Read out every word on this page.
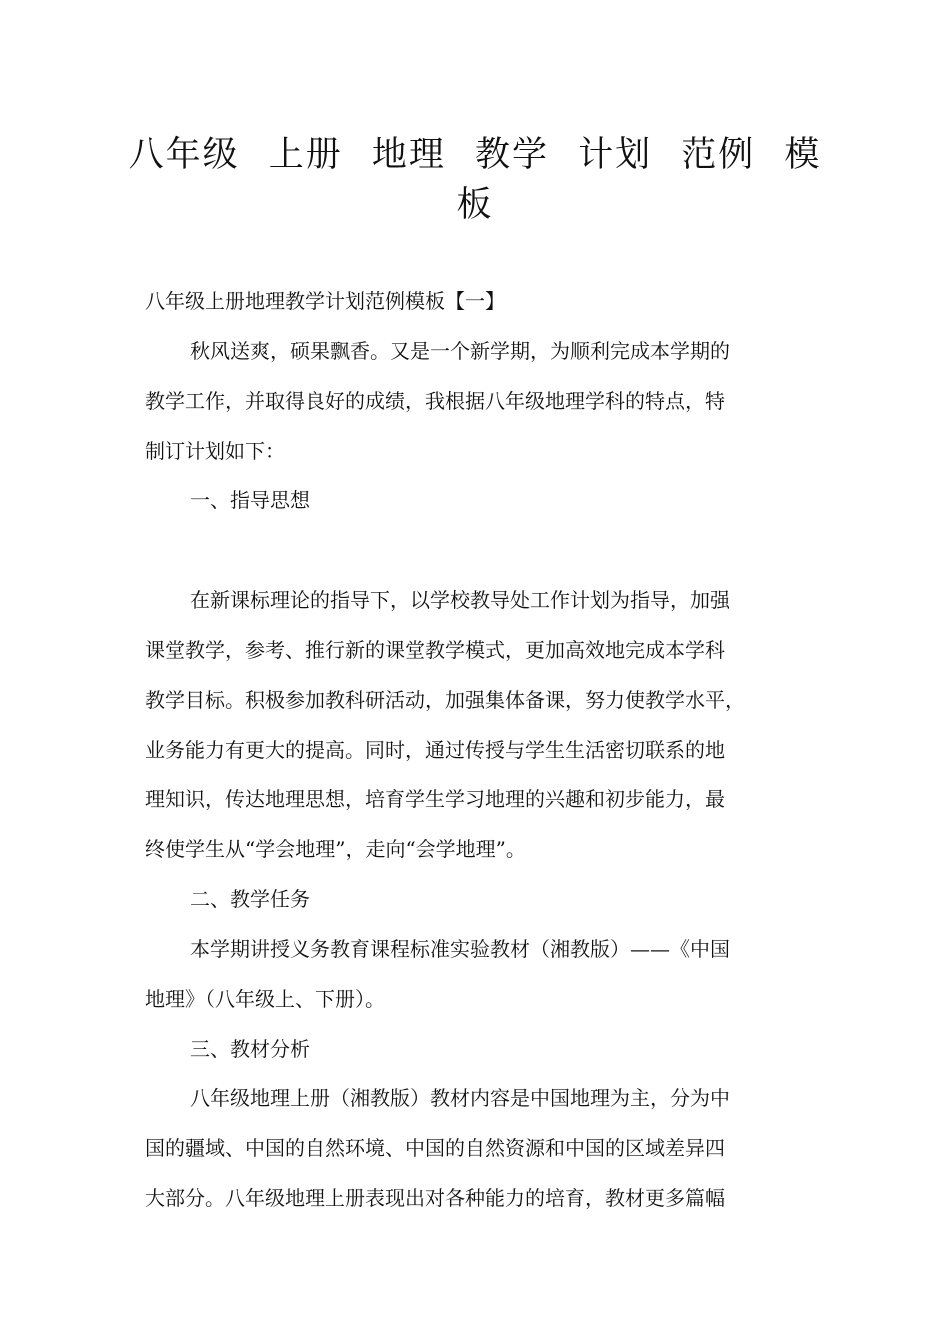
八年级 上册 地理 教学 计划 范例 模
板
八年级上册地理教学计划范例模板【一】
秋风送爽，硕果飘香。又是一个新学期，为顺利完成本学期的
教学工作，并取得良好的成绩，我根据八年级地理学科的特点，特
制订计划如下：
一、指导思想
在新课标理论的指导下，以学校教导处工作计划为指导，加强
课堂教学，参考、推行新的课堂教学模式，更加高效地完成本学科
教学目标。积极参加教科研活动，加强集体备课，努力使教学水平，
业务能力有更大的提高。同时，通过传授与学生生活密切联系的地
理知识，传达地理思想，培育学生学习地理的兴趣和初步能力，最
终使学生从“学会地理”，走向“会学地理”。
二、教学任务
本学期讲授义务教育课程标准实验教材（湘教版）——《中国
地理》（八年级上、下册）。
三、教材分析
八年级地理上册（湘教版）教材内容是中国地理为主，分为中
国的疆域、中国的自然环境、中国的自然资源和中国的区域差异四
大部分。八年级地理上册表现出对各种能力的培育，教材更多篇幅
